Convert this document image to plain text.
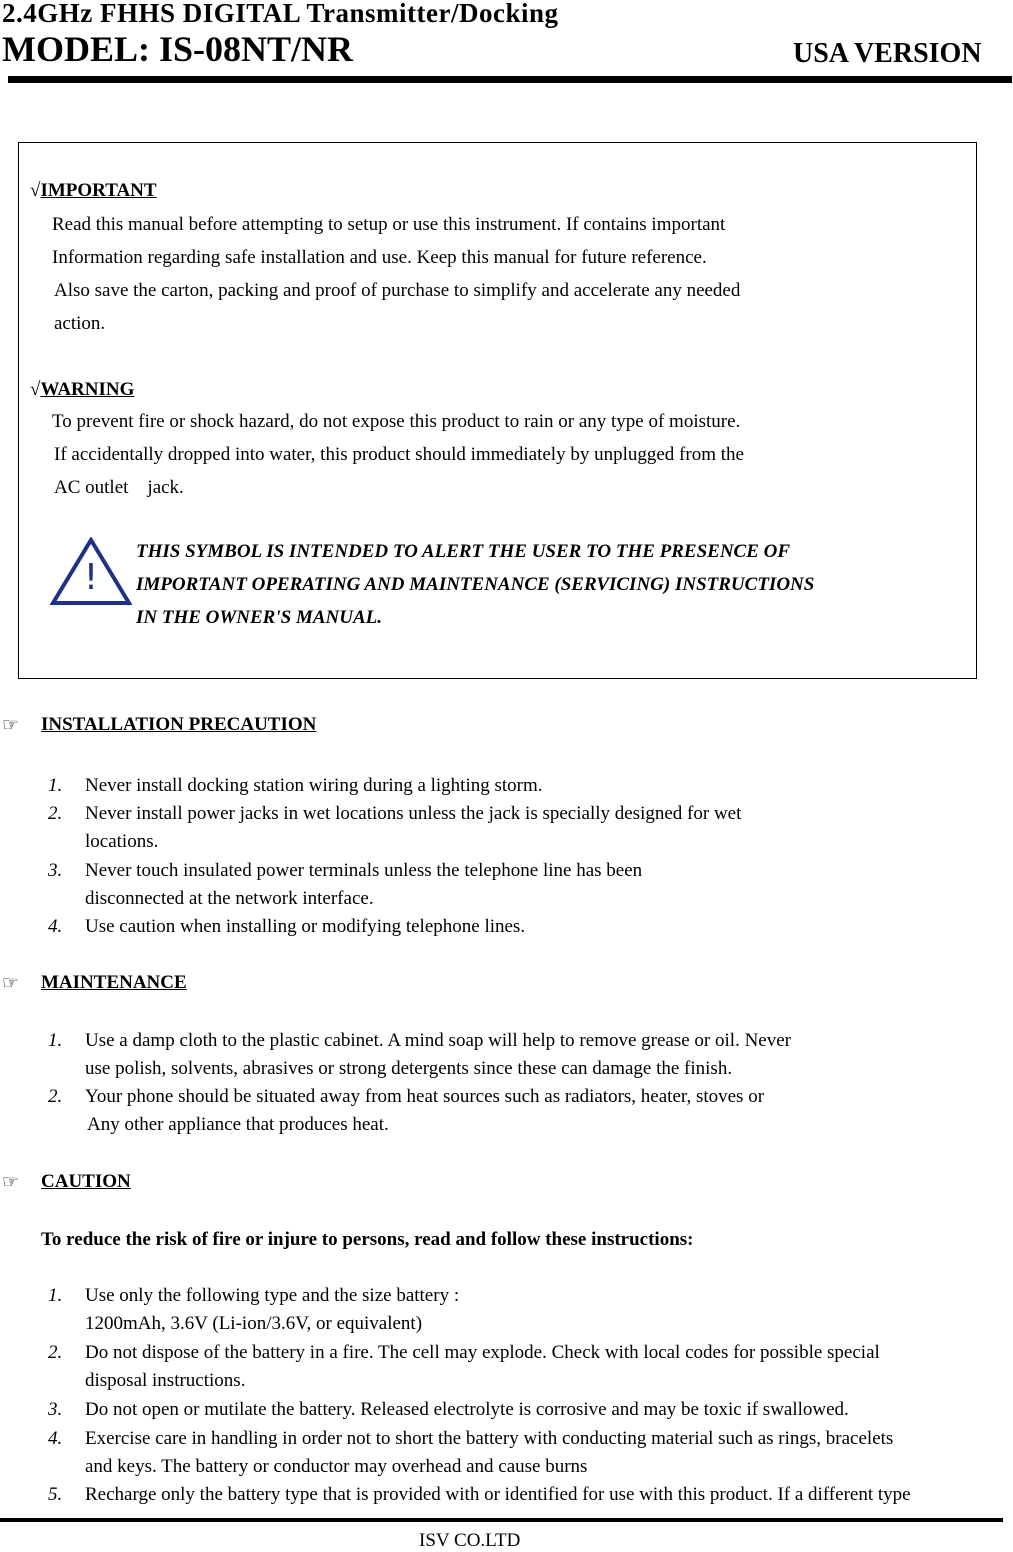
2.4GHz FHHS DIGITAL Transmitter/Docking
MODEL: IS-08NT/NR	USA VERSION
√IMPORTANT
Read this manual before attempting to setup or use this instrument. If contains important
Information regarding safe installation and use. Keep this manual for future reference.
Also save the carton, packing and proof of purchase to simplify and accelerate any needed
action.
√WARNING
To prevent fire or shock hazard, do not expose this product to rain or any type of moisture.
If accidentally dropped into water, this product should immediately by unplugged from the
AC outlet    jack.
!
THIS SYMBOL IS INTENDED TO ALERT THE USER TO THE PRESENCE OF
IMPORTANT OPERATING AND MAINTENANCE (SERVICING) INSTRUCTIONS
IN THE OWNER'S MANUAL.
☞ INSTALLATION PRECAUTION
1. Never install docking station wiring during a lighting storm.
2. Never install power jacks in wet locations unless the jack is specially designed for wet
locations.
3. Never touch insulated power terminals unless the telephone line has been
disconnected at the network interface.
4. Use caution when installing or modifying telephone lines.
☞ MAINTENANCE
1. Use a damp cloth to the plastic cabinet. A mind soap will help to remove grease or oil. Never
use polish, solvents, abrasives or strong detergents since these can damage the finish.
2. Your phone should be situated away from heat sources such as radiators, heater, stoves or
Any other appliance that produces heat.
☞ CAUTION
To reduce the risk of fire or injure to persons, read and follow these instructions:
1. Use only the following type and the size battery :
1200mAh, 3.6V (Li-ion/3.6V, or equivalent)
2. Do not dispose of the battery in a fire. The cell may explode. Check with local codes for possible special
disposal instructions.
3. Do not open or mutilate the battery. Released electrolyte is corrosive and may be toxic if swallowed.
4. Exercise care in handling in order not to short the battery with conducting material such as rings, bracelets
and keys. The battery or conductor may overhead and cause burns
5. Recharge only the battery type that is provided with or identified for use with this product. If a different type
ISV CO.LTD
